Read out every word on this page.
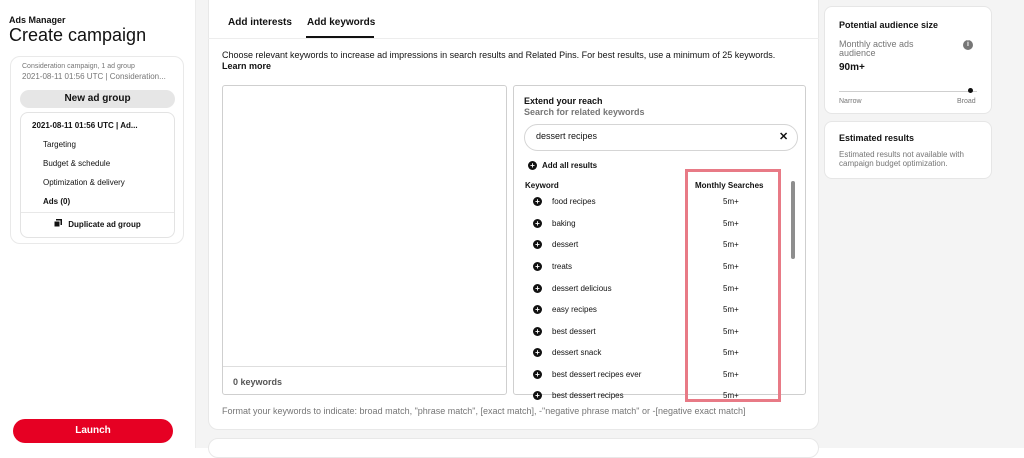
Ads Manager
Create campaign
Consideration campaign, 1 ad group
2021-08-11 01:56 UTC | Consideration...
New ad group
2021-08-11 01:56 UTC | Ad...
Targeting
Budget & schedule
Optimization & delivery
Ads (0)
Duplicate ad group
Launch
Add interests Add keywords
Choose relevant keywords to increase ad impressions in search results and Related Pins. For best results, use a minimum of 25 keywords. Learn more
0 keywords
Extend your reach
Search for related keywords
dessert recipes
✕
+ Add all results
Keyword	Monthly Searches
+ food recipes	5m+
+ baking	5m+
+ dessert	5m+
+ treats	5m+
+ dessert delicious	5m+
+ easy recipes	5m+
+ best dessert	5m+
+ dessert snack	5m+
+ best dessert recipes ever	5m+
+ best dessert recipes	5m+
Format your keywords to indicate: broad match, "phrase match", [exact match], -"negative phrase match" or -[negative exact match]
Potential audience size
Monthly active ads audience
i
90m+
Narrow	Broad
Estimated results
Estimated results not available with campaign budget optimization.
